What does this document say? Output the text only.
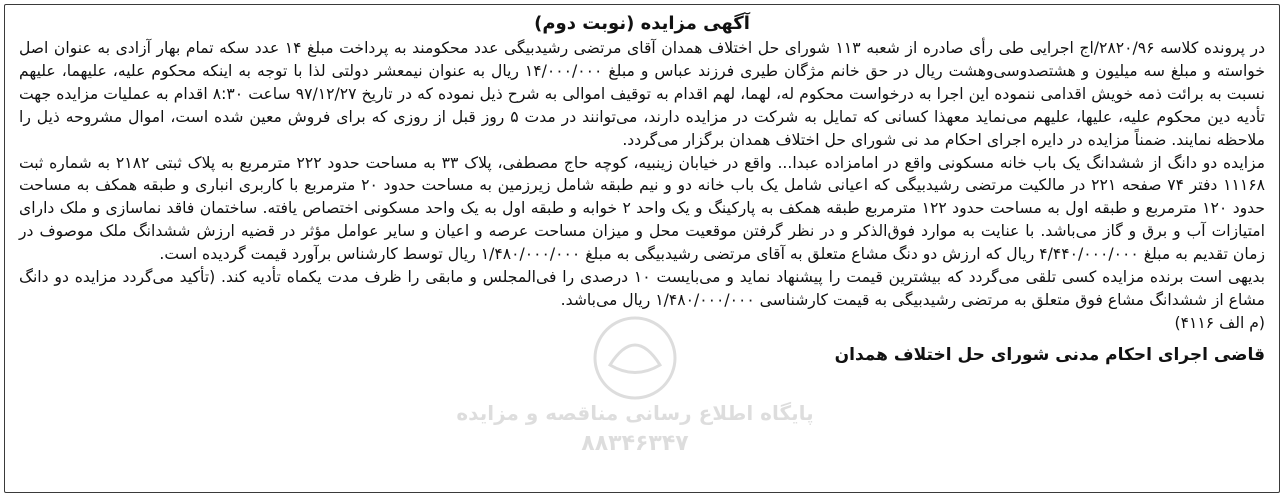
پایگاه اطلاع رسانی مناقصه و مزایده
۸۸۳۴۶۳۴۷
آگهی مزایده (نوبت دوم)

در پرونده کلاسه ۲۸۲۰/۹۶/اج اجرایی طی رأی صادره از شعبه ۱۱۳ شورای حل اختلاف همدان آقای مرتضی رشیدبیگی عدد محکومند به پرداخت مبلغ ۱۴ عدد سکه تمام بهار آزادی به عنوان اصل خواسته و مبلغ سه میلیون و هشتصدوسی‌وهشت ریال در حق خانم مژگان طیری فرزند عباس و مبلغ ۱۴/۰۰۰/۰۰۰ ریال به عنوان نیمعشر دولتی لذا با توجه به اینکه محکوم علیه، علیهما، علیهم نسبت به برائت ذمه خویش اقدامی ننموده این اجرا به درخواست محکوم له، لهما، لهم اقدام به توقیف اموالی به شرح ذیل نموده که در تاریخ ۹۷/۱۲/۲۷ ساعت ۸:۳۰ اقدام به عملیات مزایده جهت تأدیه دین محکوم علیه، علیها، علیهم می‌نماید معهذا کسانی که تمایل به شرکت در مزایده دارند، می‌توانند در مدت ۵ روز قبل از روزی که برای فروش معین شده است، اموال مشروحه ذیل را ملاحظه نمایند. ضمناً مزایده در دایره اجرای احکام مد نی شورای حل اختلاف همدان برگزار می‌گردد.

مزایده دو دانگ از ششدانگ یک باب خانه مسکونی واقع در امامزاده عبدا... واقع در خیابان زینبیه، کوچه حاج مصطفی، پلاک ۳۳ به مساحت حدود ۲۲۲ مترمربع به پلاک ثبتی ۲۱۸۲ به شماره ثبت ۱۱۱۶۸ دفتر ۷۴ صفحه ۲۲۱ در مالکیت مرتضی رشیدبیگی که اعیانی شامل یک باب خانه دو و نیم طبقه شامل زیرزمین به مساحت حدود ۲۰ مترمربع با کاربری انباری و طبقه همکف به مساحت حدود ۱۲۰ مترمربع و طبقه اول به مساحت حدود ۱۲۲ مترمربع طبقه همکف به پارکینگ و یک واحد ۲ خوابه و طبقه اول به یک واحد مسکونی اختصاص یافته. ساختمان فاقد نماسازی و ملک دارای امتیازات آب و برق و گاز می‌باشد. با عنایت به موارد فوق‌الذکر و در نظر گرفتن موقعیت محل و میزان مساحت عرصه و اعیان و سایر عوامل مؤثر در قضیه ارزش ششدانگ ملک موصوف در زمان تقدیم به مبلغ ۴/۴۴۰/۰۰۰/۰۰۰ ریال که ارزش دو دنگ مشاع متعلق به آقای مرتضی رشیدبیگی به مبلغ ۱/۴۸۰/۰۰۰/۰۰۰ ریال توسط کارشناس برآورد قیمت گردیده است.

بدیهی است برنده مزایده کسی تلقی می‌گردد که بیشترین قیمت را پیشنهاد نماید و می‌بایست ۱۰ درصدی را فی‌المجلس و مابقی را ظرف مدت یکماه تأدیه کند. (تأکید می‌گردد مزایده دو دانگ مشاع از ششدانگ مشاع فوق متعلق به مرتضی رشیدبیگی به قیمت کارشناسی ۱/۴۸۰/۰۰۰/۰۰۰ ریال می‌باشد.

(م الف ۴۱۱۶)
قاضی اجرای احکام مدنی شورای حل اختلاف همدان
